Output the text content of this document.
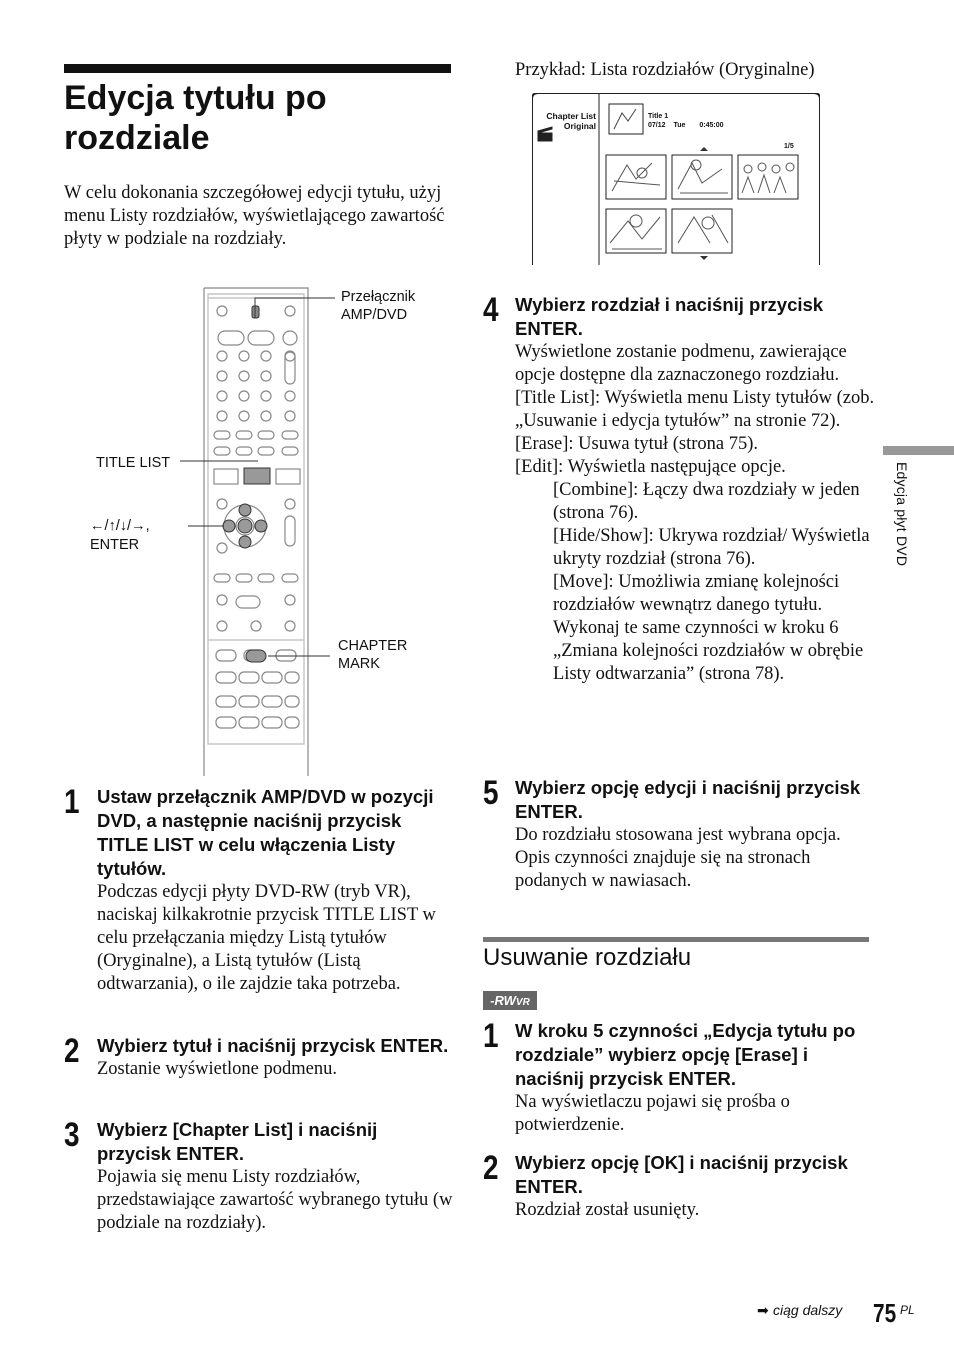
Edycja tytułu po rozdziale

W celu dokonania szczegółowej edycji tytułu, użyj menu Listy rozdziałów, wyświetlającego zawartość płyty w podziale na rozdziały.

Przełącznik AMP/DVD
TITLE LIST
←/↑/↓/→,
ENTER
CHAPTER MARK
1 Ustaw przełącznik AMP/DVD w pozycji DVD, a następnie naciśnij przycisk TITLE LIST w celu włączenia Listy tytułów.

Podczas edycji płyty DVD-RW (tryb VR), naciskaj kilkakrotnie przycisk TITLE LIST w celu przełączania między Listą tytułów (Oryginalne), a Listą tytułów (Listą odtwarzania), o ile zajdzie taka potrzeba.

2 Wybierz tytuł i naciśnij przycisk ENTER.

Zostanie wyświetlone podmenu.

3 Wybierz [Chapter List] i naciśnij przycisk ENTER.

Pojawia się menu Listy rozdziałów, przedstawiające zawartość wybranego tytułu (w podziale na rozdziały).

Przykład: Lista rozdziałów (Oryginalne)
Chapter List
Original
Title 1
07/12 Tue 0:45:00
1/5
4 Wybierz rozdział i naciśnij przycisk ENTER.

Wyświetlone zostanie podmenu, zawierające opcje dostępne dla zaznaczonego rozdziału.

[Title List]: Wyświetla menu Listy tytułów (zob. „Usuwanie i edycja tytułów” na stronie 72).

[Erase]: Usuwa tytuł (strona 75).

[Edit]: Wyświetla następujące opcje.

[Combine]: Łączy dwa rozdziały w jeden (strona 76).

[Hide/Show]: Ukrywa rozdział/ Wyświetla ukryty rozdział (strona 76).

[Move]: Umożliwia zmianę kolejności rozdziałów wewnątrz danego tytułu. Wykonaj te same czynności w kroku 6 „Zmiana kolejności rozdziałów w obrębie Listy odtwarzania” (strona 78).

5 Wybierz opcję edycji i naciśnij przycisk ENTER.

Do rozdziału stosowana jest wybrana opcja. Opis czynności znajduje się na stronach podanych w nawiasach.

Usuwanie rozdziału
-RWVR
1 W kroku 5 czynności „Edycja tytułu po rozdziale” wybierz opcję [Erase] i naciśnij przycisk ENTER.

Na wyświetlaczu pojawi się prośba o potwierdzenie.

2 Wybierz opcję [OK] i naciśnij przycisk ENTER.

Rozdział został usunięty.

Edycja płyt DVD
➡ ciąg dalszy 75 PL
